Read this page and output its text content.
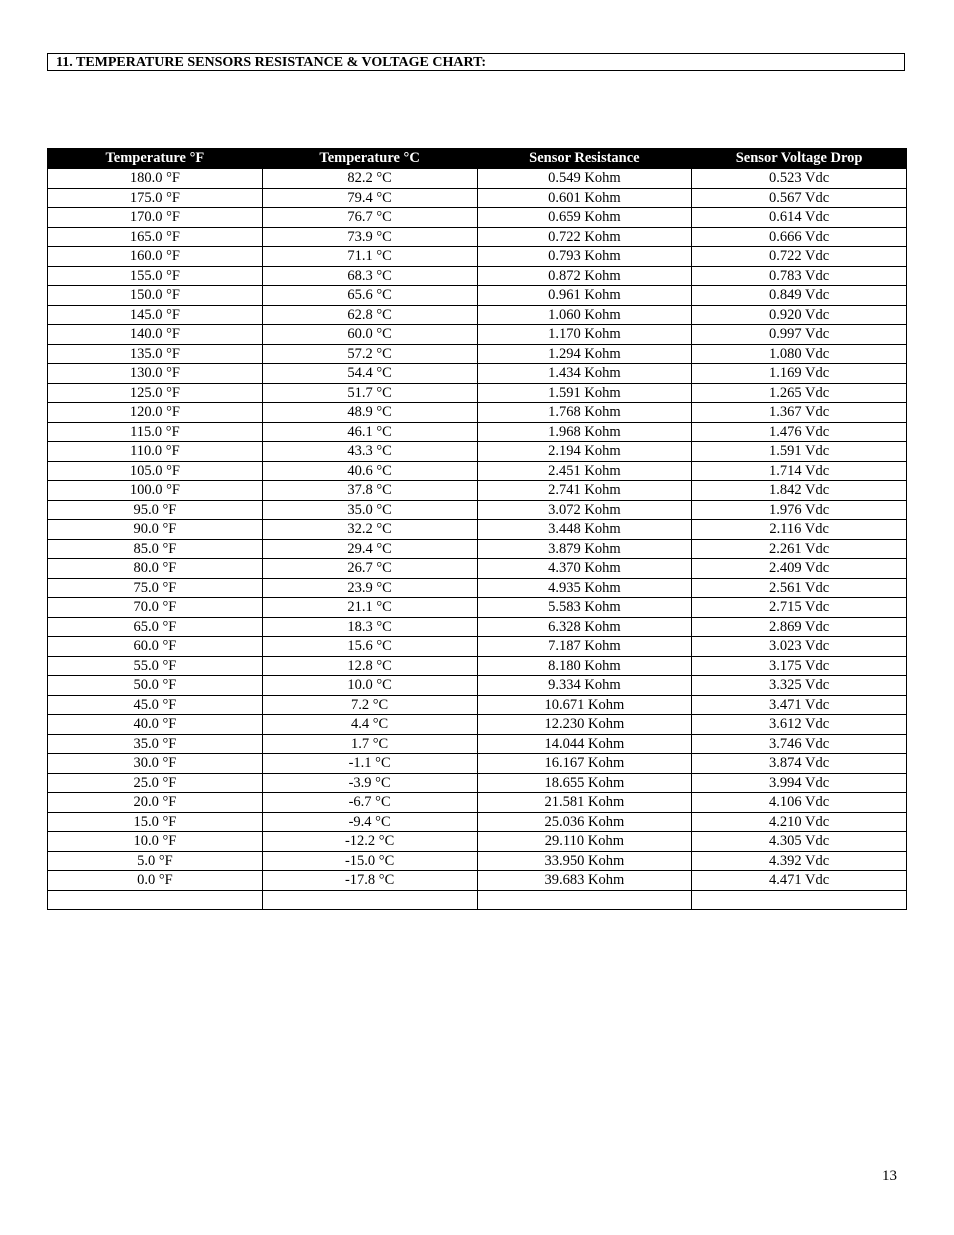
11. TEMPERATURE SENSORS RESISTANCE & VOLTAGE CHART:
Temperature °F	Temperature °C	Sensor Resistance	Sensor Voltage Drop
180.0 °F	82.2 °C	0.549 Kohm	0.523 Vdc
175.0 °F	79.4 °C	0.601 Kohm	0.567 Vdc
170.0 °F	76.7 °C	0.659 Kohm	0.614 Vdc
165.0 °F	73.9 °C	0.722 Kohm	0.666 Vdc
160.0 °F	71.1 °C	0.793 Kohm	0.722 Vdc
155.0 °F	68.3 °C	0.872 Kohm	0.783 Vdc
150.0 °F	65.6 °C	0.961 Kohm	0.849 Vdc
145.0 °F	62.8 °C	1.060 Kohm	0.920 Vdc
140.0 °F	60.0 °C	1.170 Kohm	0.997 Vdc
135.0 °F	57.2 °C	1.294 Kohm	1.080 Vdc
130.0 °F	54.4 °C	1.434 Kohm	1.169 Vdc
125.0 °F	51.7 °C	1.591 Kohm	1.265 Vdc
120.0 °F	48.9 °C	1.768 Kohm	1.367 Vdc
115.0 °F	46.1 °C	1.968 Kohm	1.476 Vdc
110.0 °F	43.3 °C	2.194 Kohm	1.591 Vdc
105.0 °F	40.6 °C	2.451 Kohm	1.714 Vdc
100.0 °F	37.8 °C	2.741 Kohm	1.842 Vdc
95.0 °F	35.0 °C	3.072 Kohm	1.976 Vdc
90.0 °F	32.2 °C	3.448 Kohm	2.116 Vdc
85.0 °F	29.4 °C	3.879 Kohm	2.261 Vdc
80.0 °F	26.7 °C	4.370 Kohm	2.409 Vdc
75.0 °F	23.9 °C	4.935 Kohm	2.561 Vdc
70.0 °F	21.1 °C	5.583 Kohm	2.715 Vdc
65.0 °F	18.3 °C	6.328 Kohm	2.869 Vdc
60.0 °F	15.6 °C	7.187 Kohm	3.023 Vdc
55.0 °F	12.8 °C	8.180 Kohm	3.175 Vdc
50.0 °F	10.0 °C	9.334 Kohm	3.325 Vdc
45.0 °F	7.2 °C	10.671 Kohm	3.471 Vdc
40.0 °F	4.4 °C	12.230 Kohm	3.612 Vdc
35.0 °F	1.7 °C	14.044 Kohm	3.746 Vdc
30.0 °F	-1.1 °C	16.167 Kohm	3.874 Vdc
25.0 °F	-3.9 °C	18.655 Kohm	3.994 Vdc
20.0 °F	-6.7 °C	21.581 Kohm	4.106 Vdc
15.0 °F	-9.4 °C	25.036 Kohm	4.210 Vdc
10.0 °F	-12.2 °C	29.110 Kohm	4.305 Vdc
5.0 °F	-15.0 °C	33.950 Kohm	4.392 Vdc
0.0 °F	-17.8 °C	39.683 Kohm	4.471 Vdc

13
